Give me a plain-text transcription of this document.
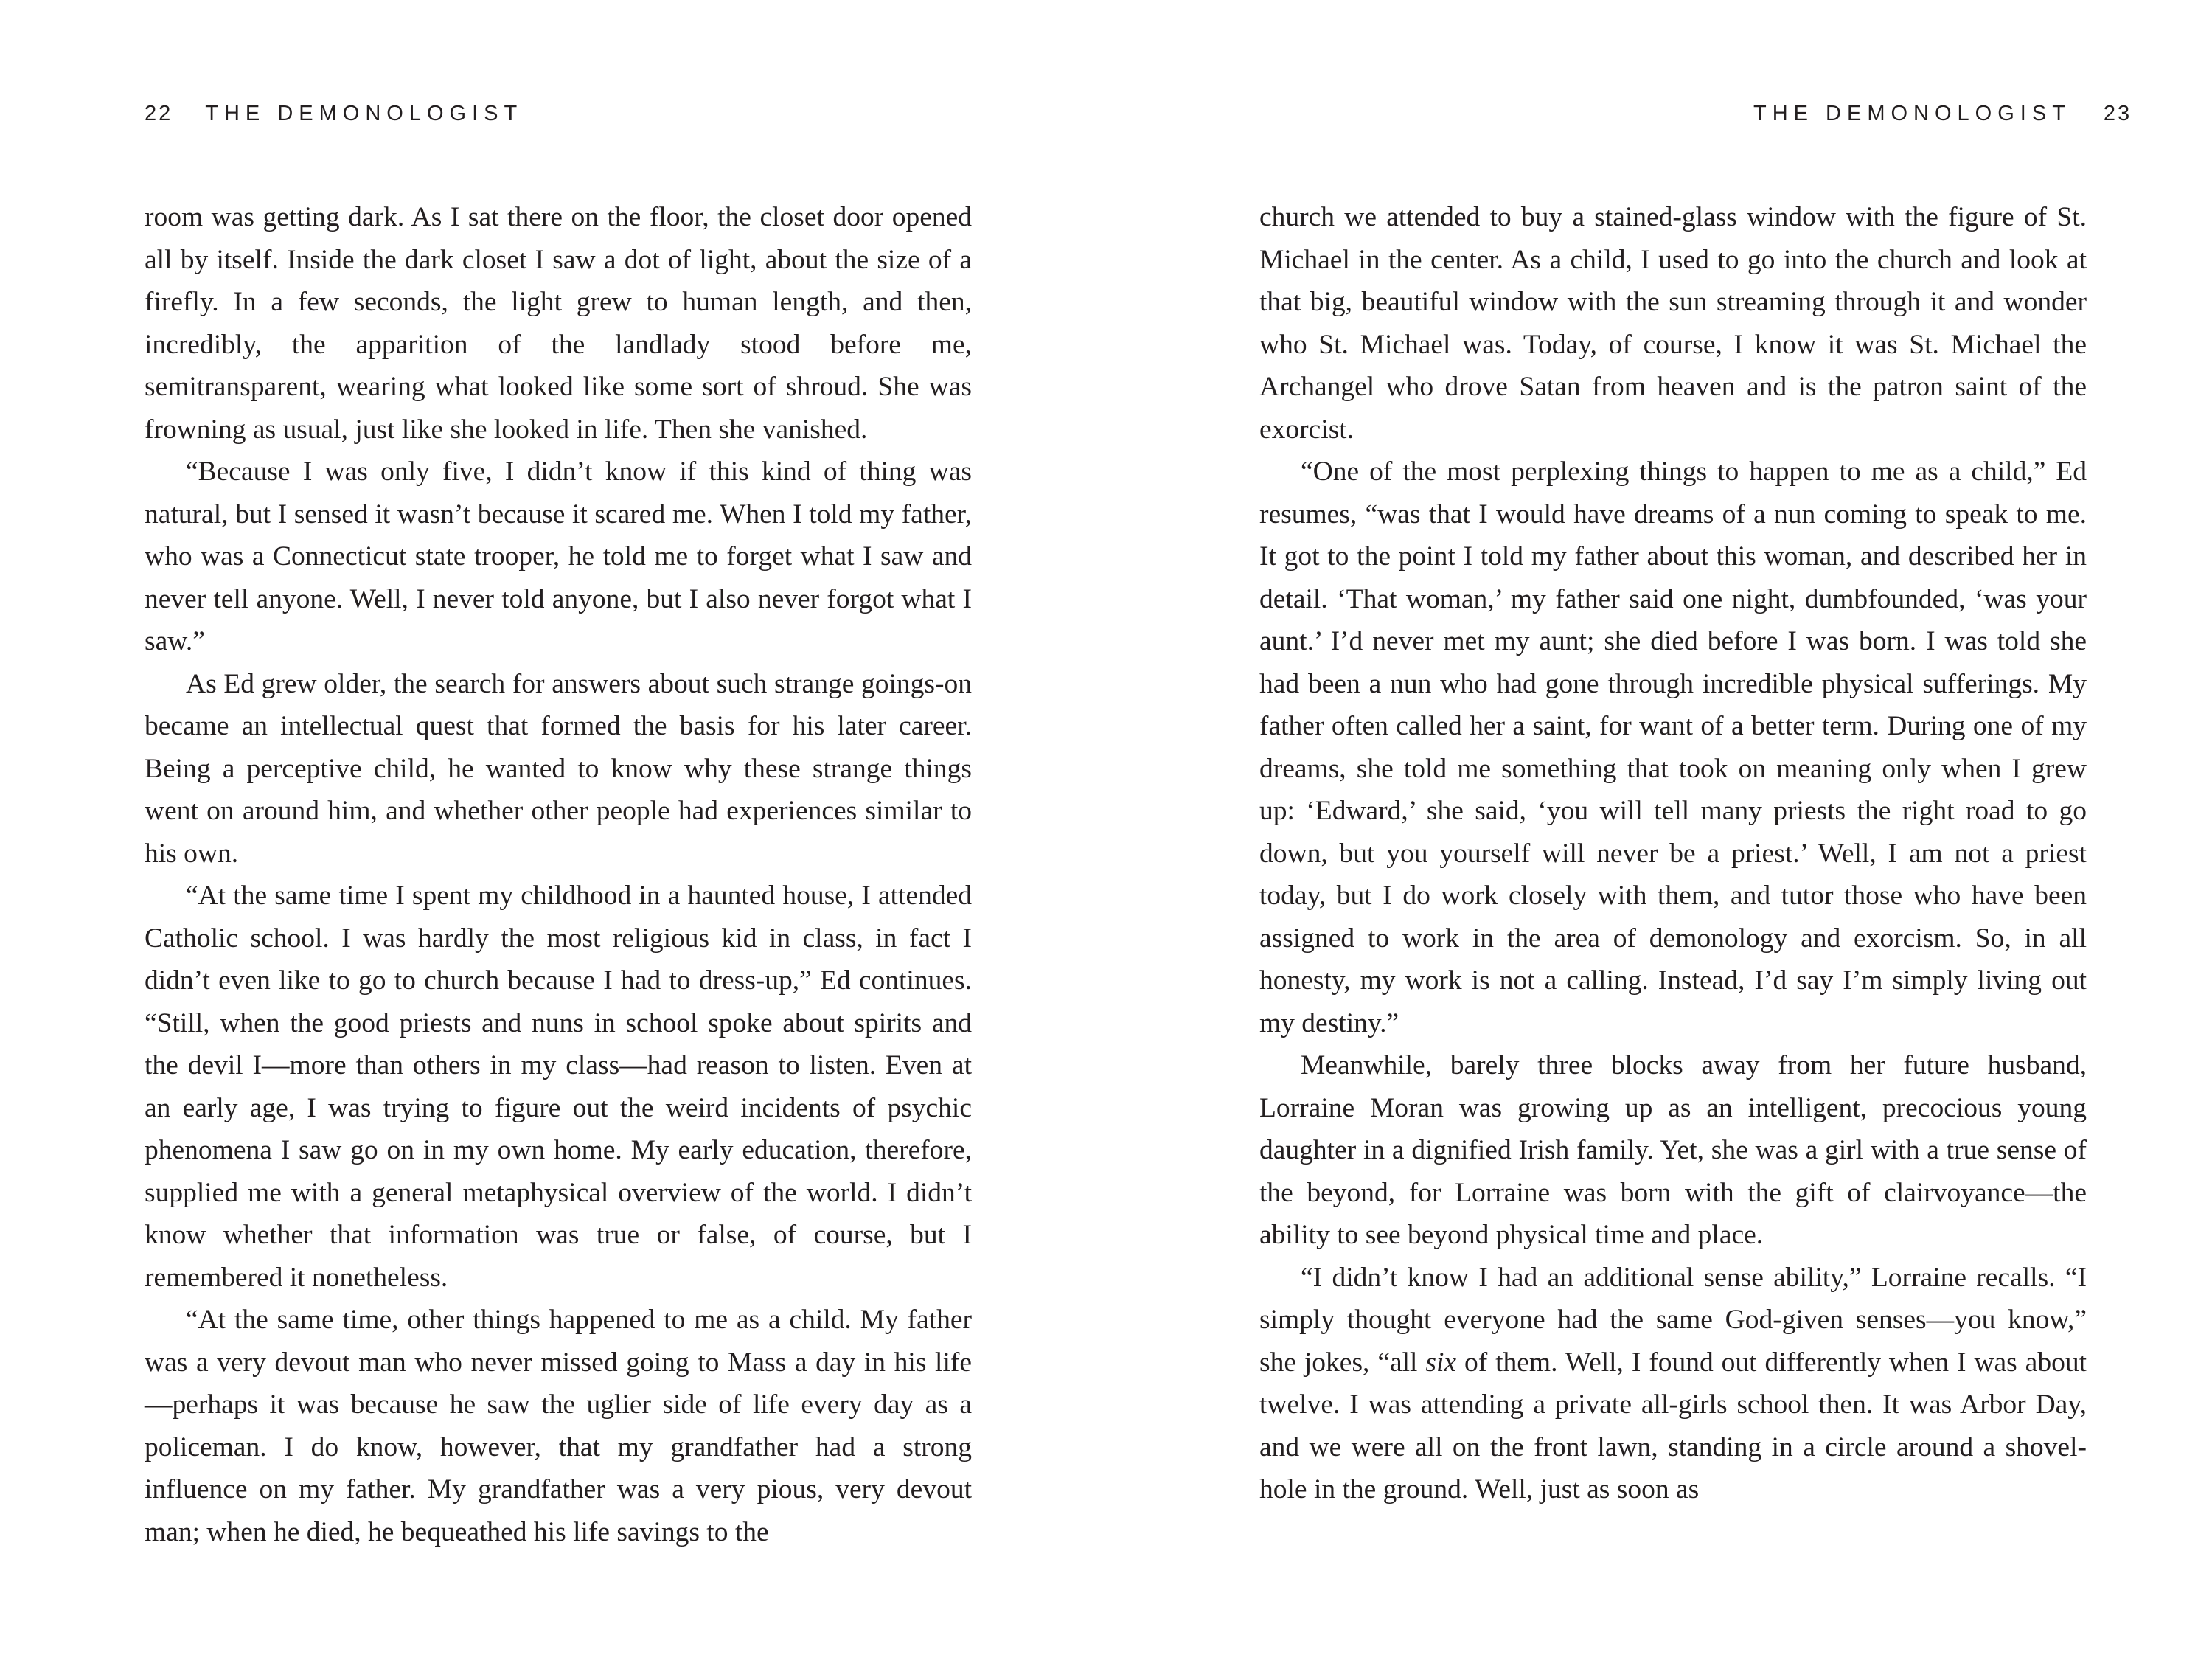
22 THE DEMONOLOGIST

room was getting dark. As I sat there on the floor, the closet door opened all by itself. Inside the dark closet I saw a dot of light, about the size of a firefly. In a few seconds, the light grew to human length, and then, incredibly, the apparition of the landlady stood before me, semitransparent, wearing what looked like some sort of shroud. She was frowning as usual, just like she looked in life. Then she vanished.

“Because I was only five, I didn’t know if this kind of thing was natural, but I sensed it wasn’t because it scared me. When I told my father, who was a Connecticut state trooper, he told me to forget what I saw and never tell anyone. Well, I never told anyone, but I also never forgot what I saw.”

As Ed grew older, the search for answers about such strange goings-on became an intellectual quest that formed the basis for his later career. Being a perceptive child, he wanted to know why these strange things went on around him, and whether other people had experiences similar to his own.

“At the same time I spent my childhood in a haunted house, I attended Catholic school. I was hardly the most religious kid in class, in fact I didn’t even like to go to church because I had to dress-up,” Ed continues. “Still, when the good priests and nuns in school spoke about spirits and the devil I—more than others in my class—had reason to listen. Even at an early age, I was trying to figure out the weird incidents of psychic phenomena I saw go on in my own home. My early education, therefore, supplied me with a general metaphysical overview of the world. I didn’t know whether that information was true or false, of course, but I remembered it nonetheless.

“At the same time, other things happened to me as a child. My father was a very devout man who never missed going to Mass a day in his life—perhaps it was because he saw the uglier side of life every day as a policeman. I do know, however, that my grandfather had a strong influence on my father. My grandfather was a very pious, very devout man; when he died, he bequeathed his life savings to the

THE DEMONOLOGIST 23

church we attended to buy a stained-glass window with the figure of St. Michael in the center. As a child, I used to go into the church and look at that big, beautiful window with the sun streaming through it and wonder who St. Michael was. Today, of course, I know it was St. Michael the Archangel who drove Satan from heaven and is the patron saint of the exorcist.

“One of the most perplexing things to happen to me as a child,” Ed resumes, “was that I would have dreams of a nun coming to speak to me. It got to the point I told my father about this woman, and described her in detail. ‘That woman,’ my father said one night, dumbfounded, ‘was your aunt.’ I’d never met my aunt; she died before I was born. I was told she had been a nun who had gone through incredible physical sufferings. My father often called her a saint, for want of a better term. During one of my dreams, she told me something that took on meaning only when I grew up: ‘Edward,’ she said, ‘you will tell many priests the right road to go down, but you yourself will never be a priest.’ Well, I am not a priest today, but I do work closely with them, and tutor those who have been assigned to work in the area of demonology and exorcism. So, in all honesty, my work is not a calling. Instead, I’d say I’m simply living out my destiny.”

Meanwhile, barely three blocks away from her future husband, Lorraine Moran was growing up as an intelligent, precocious young daughter in a dignified Irish family. Yet, she was a girl with a true sense of the beyond, for Lorraine was born with the gift of clairvoyance—the ability to see beyond physical time and place.

“I didn’t know I had an additional sense ability,” Lorraine recalls. “I simply thought everyone had the same God-given senses—you know,” she jokes, “all six of them. Well, I found out differently when I was about twelve. I was attending a private all-girls school then. It was Arbor Day, and we were all on the front lawn, standing in a circle around a shovel-hole in the ground. Well, just as soon as
